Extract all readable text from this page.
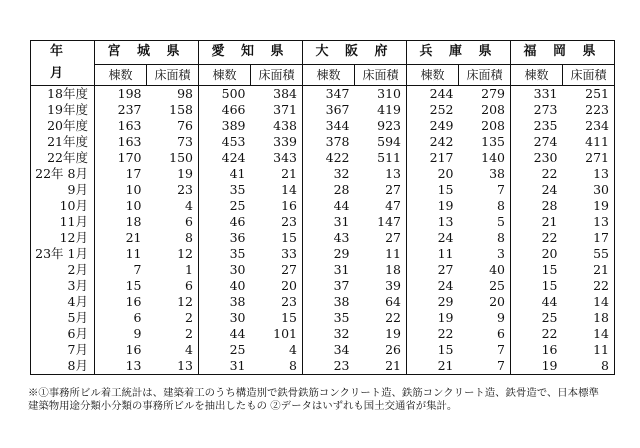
年 月	宮 城 県		愛 知 県		大 阪 府		兵 庫 県		福 岡 県	
	棟数	床面積	棟数	床面積	棟数	床面積	棟数	床面積	棟数	床面積
18年度	198	98	500	384	347	310	244	279	331	251
19年度	237	158	466	371	367	419	252	208	273	223
20年度	163	76	389	438	344	923	249	208	235	234
21年度	163	73	453	339	378	594	242	135	274	411
22年度	170	150	424	343	422	511	217	140	230	271
22年 8月	17	19	41	21	32	13	20	38	22	13
9月	10	23	35	14	28	27	15	7	24	30
10月	10	4	25	16	44	47	19	8	28	19
11月	18	6	46	23	31	147	13	5	21	13
12月	21	8	36	15	43	27	24	8	22	17
23年 1月	11	12	35	33	29	11	11	3	20	55
2月	7	1	30	27	31	18	27	40	15	21
3月	15	6	40	20	37	39	24	25	15	22
4月	16	12	38	23	38	64	29	20	44	14
5月	6	2	30	15	35	22	19	9	25	18
6月	9	2	44	101	32	19	22	6	22	14
7月	16	4	25	4	34	26	15	7	16	11
8月	13	13	31	8	23	21	21	7	19	8
※①事務所ビル着工統計は、建築着工のうち構造別で鉄骨鉄筋コンクリート造、鉄筋コンクリート造、鉄骨造で、日本標準
建築物用途分類小分類の事務所ビルを抽出したもの ②データはいずれも国土交通省が集計。
